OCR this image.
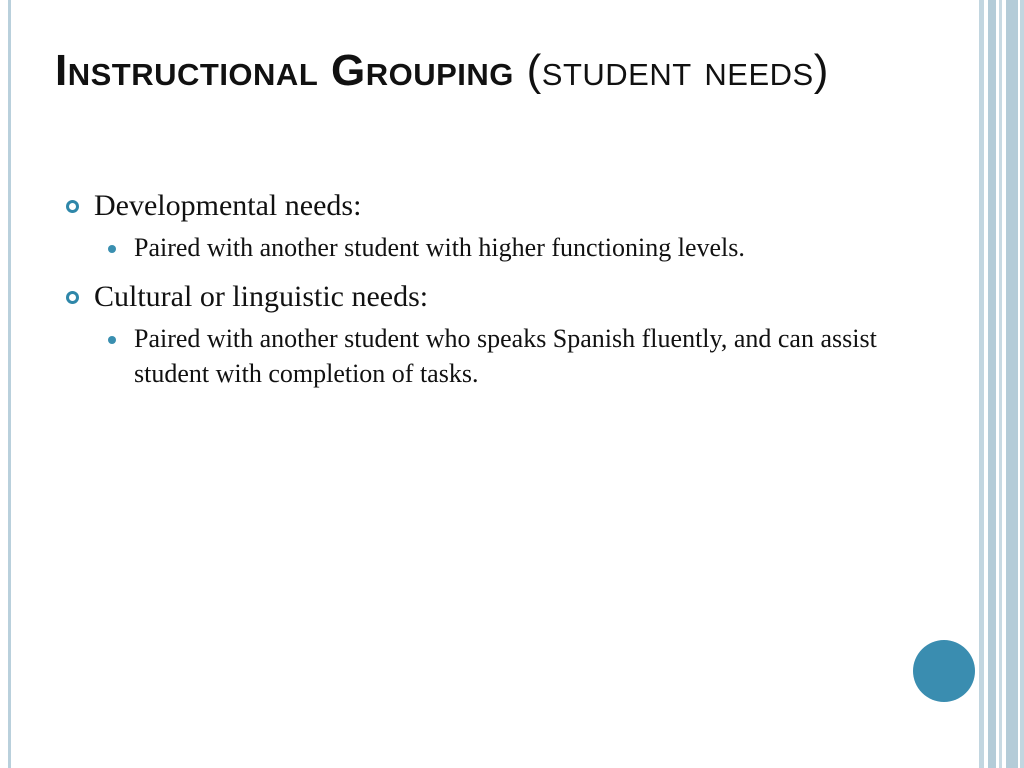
Instructional Grouping (student needs)
Developmental needs:
Paired with another student with higher functioning levels.
Cultural or linguistic needs:
Paired with another student who speaks Spanish fluently, and can assist student with completion of tasks.
